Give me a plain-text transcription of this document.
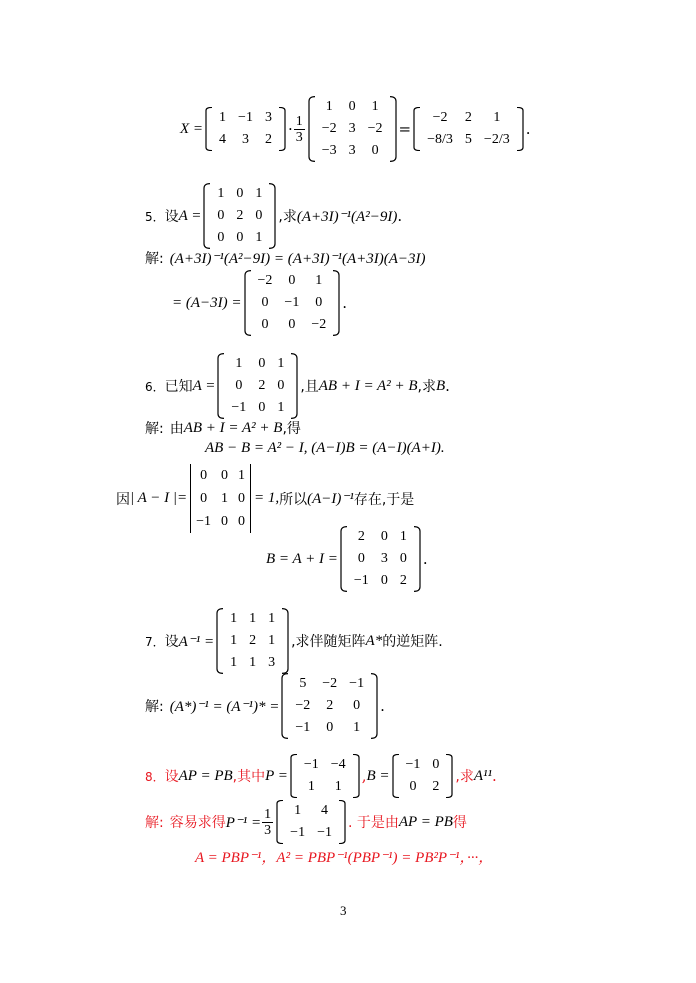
X =
1	−1	3
4	3	2
· $\frac{1}{3}$
1	0	1
−2	3	−2
−3	3	0
=
−2	2	1
−8/3	5	−2/3
.
5． 设 A =
1	0	1
0	2	0
0	0	1
,求 (A+3I)⁻¹(A²−9I) .
解: (A+3I)⁻¹(A²−9I) = (A+3I)⁻¹(A+3I)(A−3I)
= (A−3I) =
−2	0	1
0	−1	0
0	0	−2
.
6． 已知 A =
1	0	1
0	2	0
−1	0	1
,且 AB + I = A² + B ,求 B .
解: 由 AB + I = A² + B ,得
AB − B = A² − I, (A−I)B = (A−I)(A+I).
因 | A − I |=
0	0	1
0	1	0
−1	0	0
= 1, 所以 (A−I)⁻¹ 存在,于是
B = A + I =
2	0	1
0	3	0
−1	0	2
.
7． 设 A⁻¹ =
1	1	1
1	2	1
1	1	3
,求伴随矩阵 A* 的逆矩阵.
解: (A*)⁻¹ = (A⁻¹)* =
5	−2	−1
−2	2	0
−1	0	1
.
8． 设 AP = PB ,其中 P =
−1	−4
1	1
, B =
−1	0
0	2
,求 A¹¹ .
解: 容易求得 $P^{-1} = \frac{1}{3} 1$	4
−1	−1
. 于是由 AP = PB 得
A = PBP⁻¹，A² = PBP⁻¹(PBP⁻¹) = PB²P⁻¹，···，
3
